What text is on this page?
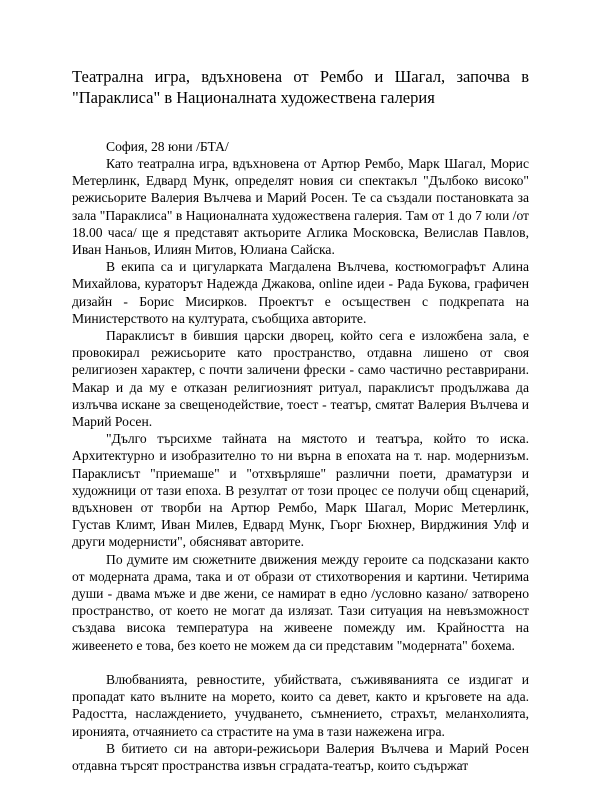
Театрална игра, вдъхновена от Рембо и Шагал, започва в "Параклиса" в Националната художествена галерия

София, 28 юни /БТА/

Като театрална игра, вдъхновена от Артюр Рембо, Марк Шагал, Морис Метерлинк, Едвард Мунк, определят новия си спектакъл "Дълбоко високо" режисьорите Валерия Вълчева и Марий Росен. Те са създали постановката за зала "Параклиса" в Националната художествена галерия. Там от 1 до 7 юли /от 18.00 часа/ ще я представят актьорите Аглика Московска, Велислав Павлов, Иван Наньов, Илиян Митов, Юлиана Сайска.

В екипа са и цигуларката Магдалена Вълчева, костюмографът Алина Михайлова, кураторът Надежда Джакова, online идеи - Рада Букова, графичен дизайн - Борис Мисирков. Проектът е осъществен с подкрепата на Министерството на културата, съобщиха авторите.

Параклисът в бившия царски дворец, който сега е изложбена зала, е провокирал режисьорите като пространство, отдавна лишено от своя религиозен характер, с почти заличени фрески - само частично реставрирани. Макар и да му е отказан религиозният ритуал, параклисът продължава да излъчва искане за свещенодействие, тоест - театър, смятат Валерия Вълчева и Марий Росен.

"Дълго търсихме тайната на мястото и театъра, който то иска. Архитектурно и изобразително то ни върна в епохата на т. нар. модернизъм. Параклисът "приемаше" и "отхвърляше" различни поети, драматурзи и художници от тази епоха. В резултат от този процес се получи общ сценарий, вдъхновен от творби на Артюр Рембо, Марк Шагал, Морис Метерлинк, Густав Климт, Иван Милев, Едвард Мунк, Гьорг Бюхнер, Вирджиния Улф и други модернисти", обясняват авторите.

По думите им сюжетните движения между героите са подсказани както от модерната драма, така и от образи от стихотворения и картини. Четирима души - двама мъже и две жени, се намират в едно /условно казано/ затворено пространство, от което не могат да излязат. Тази ситуация на невъзможност създава висока температура на живеене помежду им. Крайността на живеенето е това, без което не можем да си представим "модерната" бохема.

Влюбванията, ревностите, убийствата, съживяванията се издигат и пропадат като вълните на морето, които са девет, както и кръговете на ада. Радостта, наслаждението, учудването, съмнението, страхът, меланхолията, иронията, отчаянието са страстите на ума в тази нажежена игра.

В битието си на автори-режисьори Валерия Вълчева и Марий Росен отдавна търсят пространства извън сградата-театър, които съдържат
